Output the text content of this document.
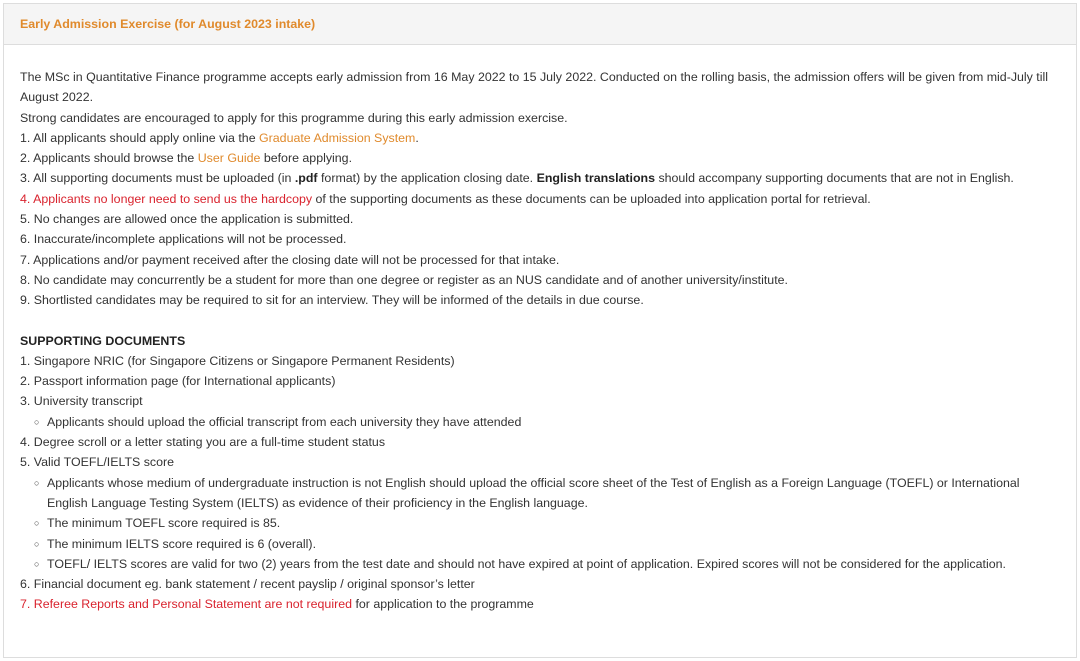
Early Admission Exercise (for August 2023 intake)

The MSc in Quantitative Finance programme accepts early admission from 16 May 2022 to 15 July 2022. Conducted on the rolling basis, the admission offers will be given from mid-July till August 2022.

Strong candidates are encouraged to apply for this programme during this early admission exercise.

1. All applicants should apply online via the Graduate Admission System.

2. Applicants should browse the User Guide before applying.

3. All supporting documents must be uploaded (in .pdf format) by the application closing date. English translations should accompany supporting documents that are not in English.

4. Applicants no longer need to send us the hardcopy of the supporting documents as these documents can be uploaded into application portal for retrieval.

5. No changes are allowed once the application is submitted.

6. Inaccurate/incomplete applications will not be processed.

7. Applications and/or payment received after the closing date will not be processed for that intake.

8. No candidate may concurrently be a student for more than one degree or register as an NUS candidate and of another university/institute.

9. Shortlisted candidates may be required to sit for an interview. They will be informed of the details in due course.

SUPPORTING DOCUMENTS

1. Singapore NRIC (for Singapore Citizens or Singapore Permanent Residents)

2. Passport information page (for International applicants)

3. University transcript

○ Applicants should upload the official transcript from each university they have attended

4. Degree scroll or a letter stating you are a full-time student status

5. Valid TOEFL/IELTS score

○ Applicants whose medium of undergraduate instruction is not English should upload the official score sheet of the Test of English as a Foreign Language (TOEFL) or International English Language Testing System (IELTS) as evidence of their proficiency in the English language.

○ The minimum TOEFL score required is 85.

○ The minimum IELTS score required is 6 (overall).

○ TOEFL/ IELTS scores are valid for two (2) years from the test date and should not have expired at point of application. Expired scores will not be considered for the application.

6. Financial document eg. bank statement / recent payslip / original sponsor’s letter

7. Referee Reports and Personal Statement are not required for application to the programme
